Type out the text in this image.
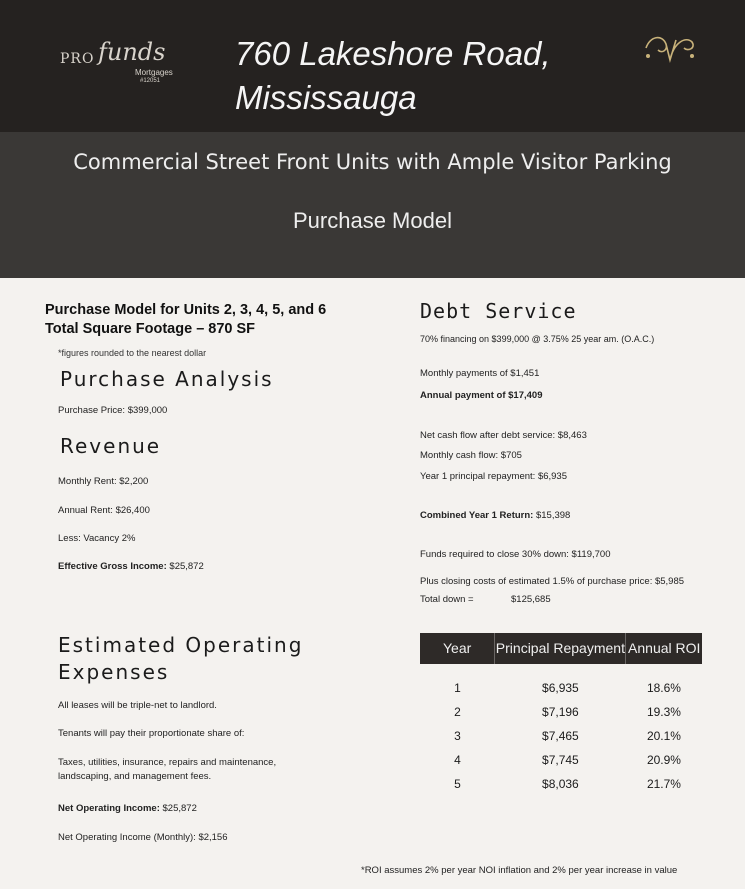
PRO funds
Mortgages
#12051
760 Lakeshore Road,
Mississauga
Commercial Street Front Units with Ample Visitor Parking
Purchase Model
Purchase Model for Units 2, 3, 4, 5, and 6
Total Square Footage – 870 SF
*figures rounded to the nearest dollar
Purchase Analysis
Purchase Price: $399,000
Revenue
Monthly Rent: $2,200
Annual Rent: $26,400
Less: Vacancy 2%
Effective Gross Income: $25,872
Estimated Operating
Expenses
All leases will be triple-net to landlord.
Tenants will pay their proportionate share of:
Taxes, utilities, insurance, repairs and maintenance,
landscaping, and management fees.
Net Operating Income: $25,872
Net Operating Income (Monthly): $2,156
Debt Service
70% financing on $399,000 @ 3.75% 25 year am. (O.A.C.)
Monthly payments of $1,451
Annual payment of $17,409
Net cash flow after debt service: $8,463
Monthly cash flow: $705
Year 1 principal repayment: $6,935
Combined Year 1 Return: $15,398
Funds required to close 30% down: $119,700
Plus closing costs of estimated 1.5% of purchase price: $5,985
Total down =	$125,685
Year	Principal Repayment	Annual ROI

1	$6,935	18.6%
2	$7,196	19.3%
3	$7,465	20.1%
4	$7,745	20.9%
5	$8,036	21.7%
*ROI assumes 2% per year NOI inflation and 2% per year increase in value
